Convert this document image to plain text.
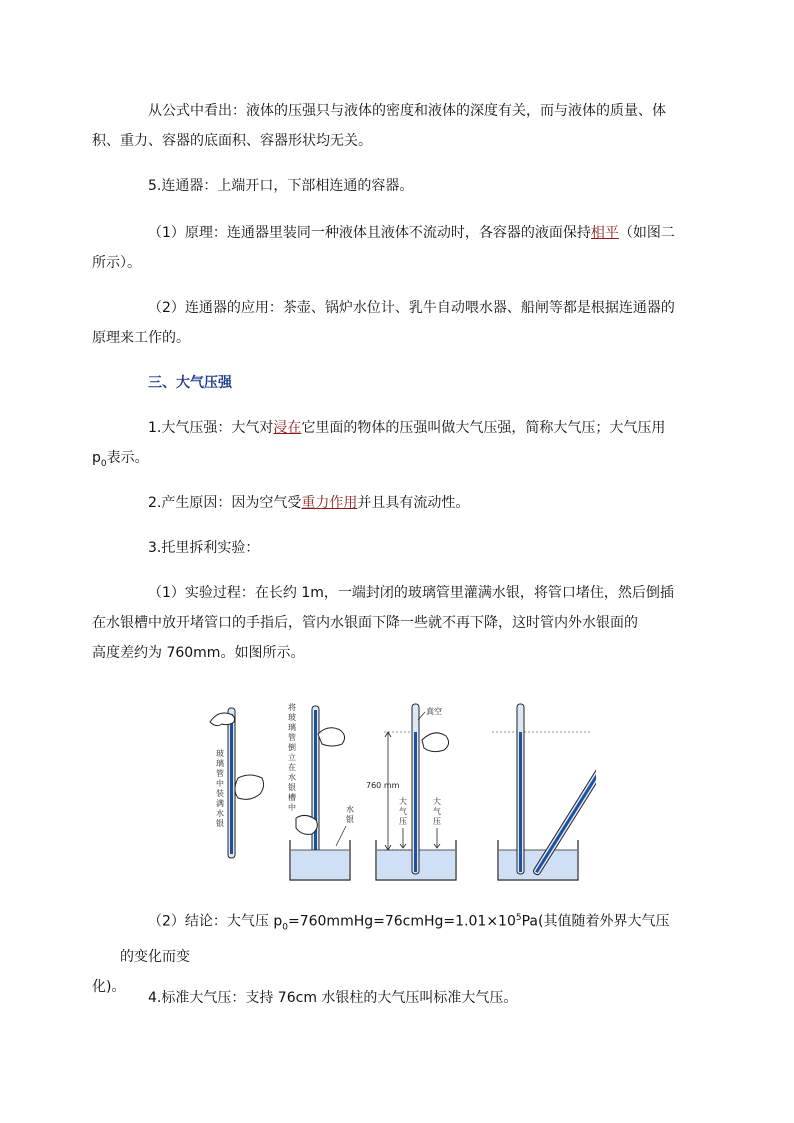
从公式中看出：液体的压强只与液体的密度和液体的深度有关，而与液体的质量、体
积、重力、容器的底面积、容器形状均无关。

5.连通器：上端开口，下部相连通的容器。

（1）原理：连通器里装同一种液体且液体不流动时，各容器的液面保持相平（如图二
所示）。

（2）连通器的应用：茶壶、锅炉水位计、乳牛自动喂水器、船闸等都是根据连通器的
原理来工作的。

三、大气压强

1.大气压强：大气对浸在它里面的物体的压强叫做大气压强，简称大气压；大气压用
$p_0$表示。

2.产生原因：因为空气受重力作用并且具有流动性。

3.托里拆利实验：

（1）实验过程：在长约 1m，一端封闭的玻璃管里灌满水银，将管口堵住，然后倒插
在水银槽中放开堵管口的手指后，管内水银面下降一些就不再下降，这时管内外水银面的
高度差约为 760mm。如图所示。

玻
璃
管
中
装
满
水
银
将
玻
璃
管
倒
立
在
水
银
槽
中	水
银
真空
760 mm
大
气
压
大
气
压

（2）结论：大气压 $p_0=760mmHg=76cmHg=1.01\times 10^5Pa$(其值随着外界大气压的变化而变
化)。

4.标准大气压：支持 76cm 水银柱的大气压叫标准大气压。
